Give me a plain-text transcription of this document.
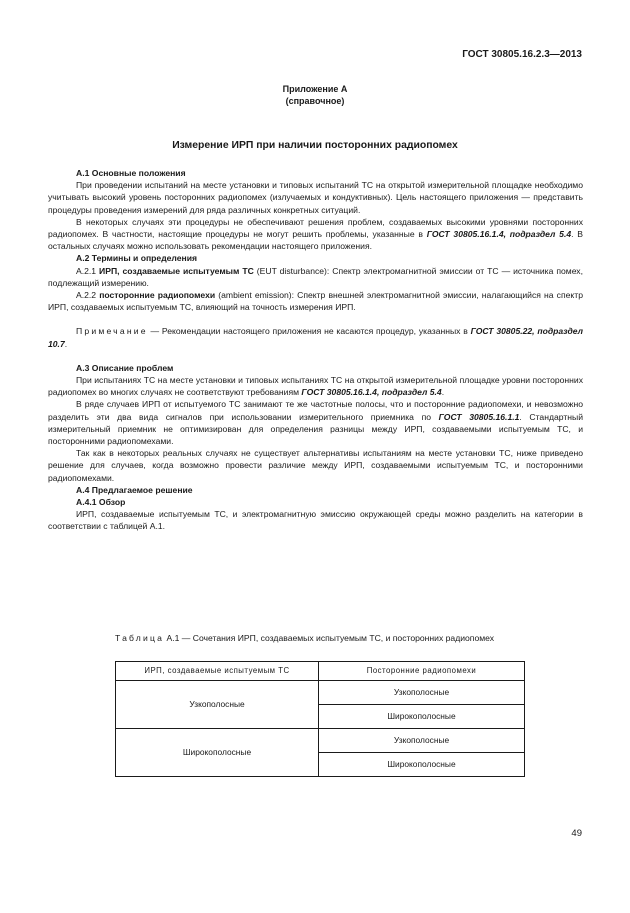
ГОСТ 30805.16.2.3—2013
Приложение А
(справочное)
Измерение ИРП при наличии посторонних радиопомех
А.1 Основные положения
При проведении испытаний на месте установки и типовых испытаний ТС на открытой измерительной площадке необходимо учитывать высокий уровень посторонних радиопомех (излучаемых и кондуктивных). Цель настоящего приложения — представить процедуры проведения измерений для ряда различных конкретных ситуаций.
В некоторых случаях эти процедуры не обеспечивают решения проблем, создаваемых высокими уровнями посторонних радиопомех. В частности, настоящие процедуры не могут решить проблемы, указанные в ГОСТ 30805.16.1.4, подраздел 5.4. В остальных случаях можно использовать рекомендации настоящего приложения.
А.2 Термины и определения
А.2.1 ИРП, создаваемые испытуемым ТС (EUT disturbance): Спектр электромагнитной эмиссии от ТС — источника помех, подлежащий измерению.
А.2.2 посторонние радиопомехи (ambient emission): Спектр внешней электромагнитной эмиссии, налагающийся на спектр ИРП, создаваемых испытуемым ТС, влияющий на точность измерения ИРП.
Примечание — Рекомендации настоящего приложения не касаются процедур, указанных в ГОСТ 30805.22, подраздел 10.7.
А.3 Описание проблем
При испытаниях ТС на месте установки и типовых испытаниях ТС на открытой измерительной площадке уровни посторонних радиопомех во многих случаях не соответствуют требованиям ГОСТ 30805.16.1.4, подраздел 5.4.
В ряде случаев ИРП от испытуемого ТС занимают те же частотные полосы, что и посторонние радиопомехи, и невозможно разделить эти два вида сигналов при использовании измерительного приемника по ГОСТ 30805.16.1.1. Стандартный измерительный приемник не оптимизирован для определения разницы между ИРП, создаваемыми испытуемым ТС, и посторонними радиопомехами.
Так как в некоторых реальных случаях не существует альтернативы испытаниям на месте установки ТС, ниже приведено решение для случаев, когда возможно провести различие между ИРП, создаваемыми испытуемым ТС, и посторонними радиопомехами.
А.4 Предлагаемое решение
А.4.1 Обзор
ИРП, создаваемые испытуемым ТС, и электромагнитную эмиссию окружающей среды можно разделить на категории в соответствии с таблицей А.1.
Таблица А.1 — Сочетания ИРП, создаваемых испытуемым ТС, и посторонних радиопомех
ИРП, создаваемые испытуемым ТС	Посторонние радиопомехи
Узкополосные	Узкополосные
	Широкополосные
Широкополосные	Узкополосные
	Широкополосные
49
